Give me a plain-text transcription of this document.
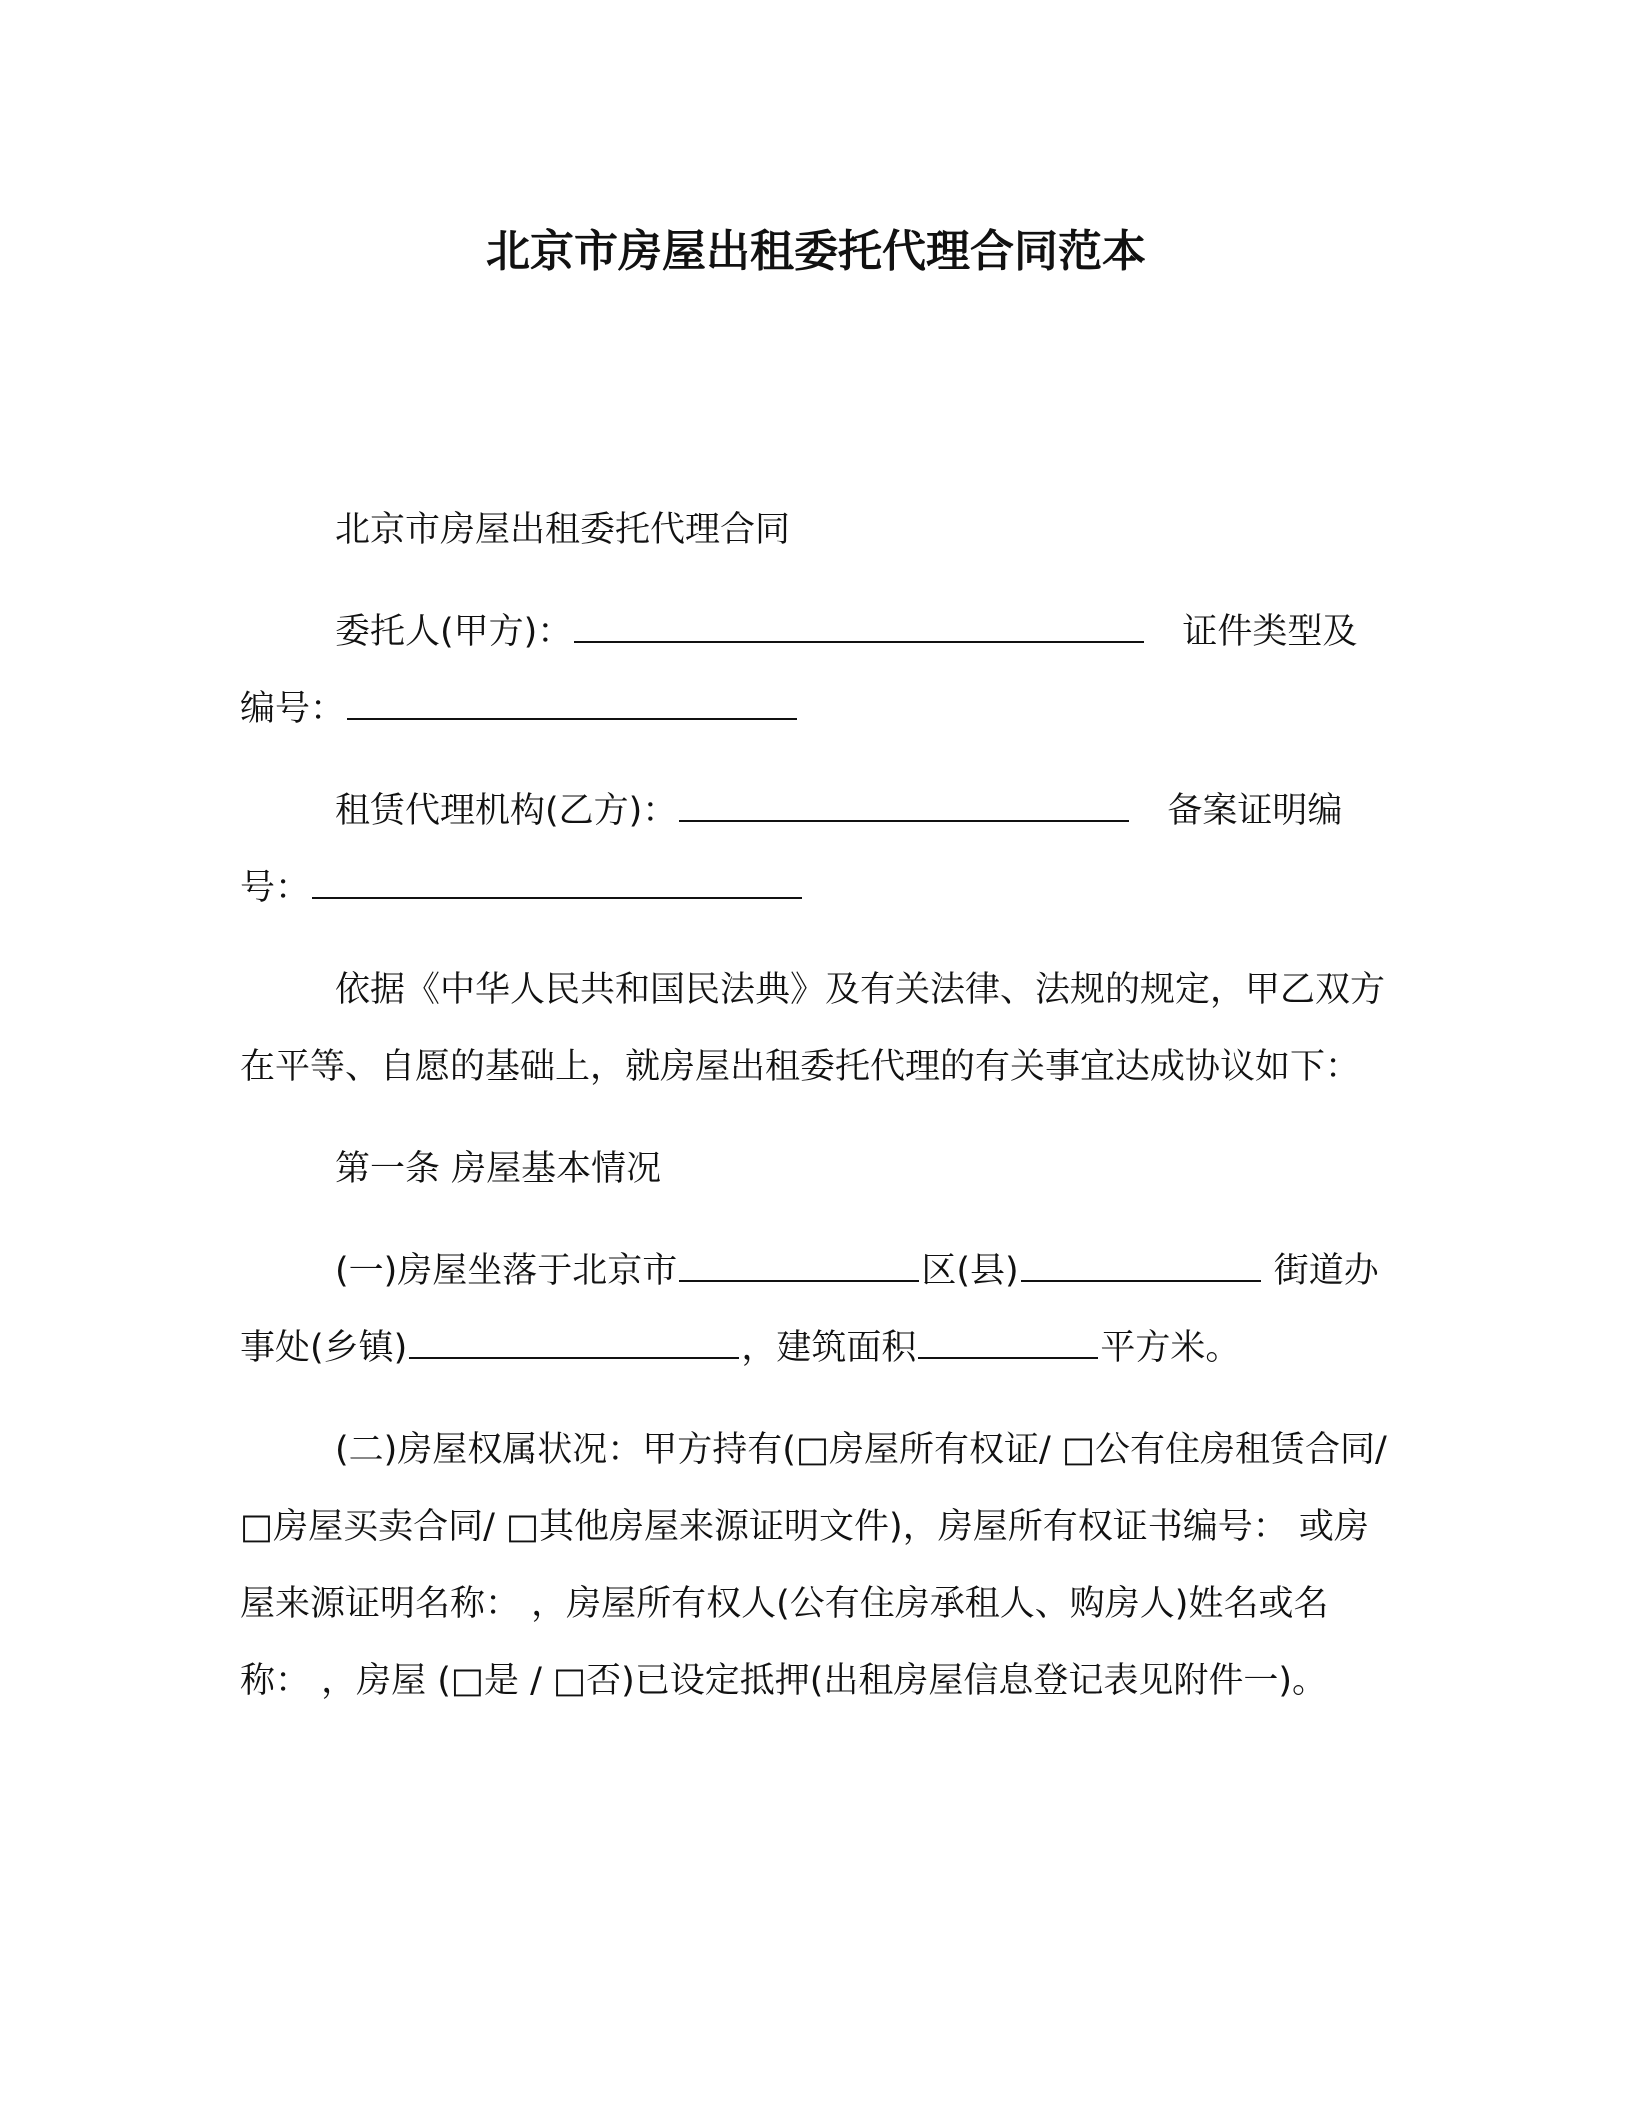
北京市房屋出租委托代理合同范本

北京市房屋出租委托代理合同

委托人(甲方)：	证件类型及编号：

租赁代理机构(乙方)：	备案证明编号：

依据《中华人民共和国民法典》及有关法律、法规的规定，甲乙双方在平等、自愿的基础上，就房屋出租委托代理的有关事宜达成协议如下：

第一条 房屋基本情况

(一)房屋坐落于北京市	区(县)	街道办事处(乡镇)	，建筑面积	平方米。

(二)房屋权属状况：甲方持有(□房屋所有权证/ □公有住房租赁合同/ □房屋买卖合同/ □其他房屋来源证明文件)，房屋所有权证书编号： 或房屋来源证明名称： ，房屋所有权人(公有住房承租人、购房人)姓名或名称： ，房屋 (□是 / □否)已设定抵押(出租房屋信息登记表见附件一)。
